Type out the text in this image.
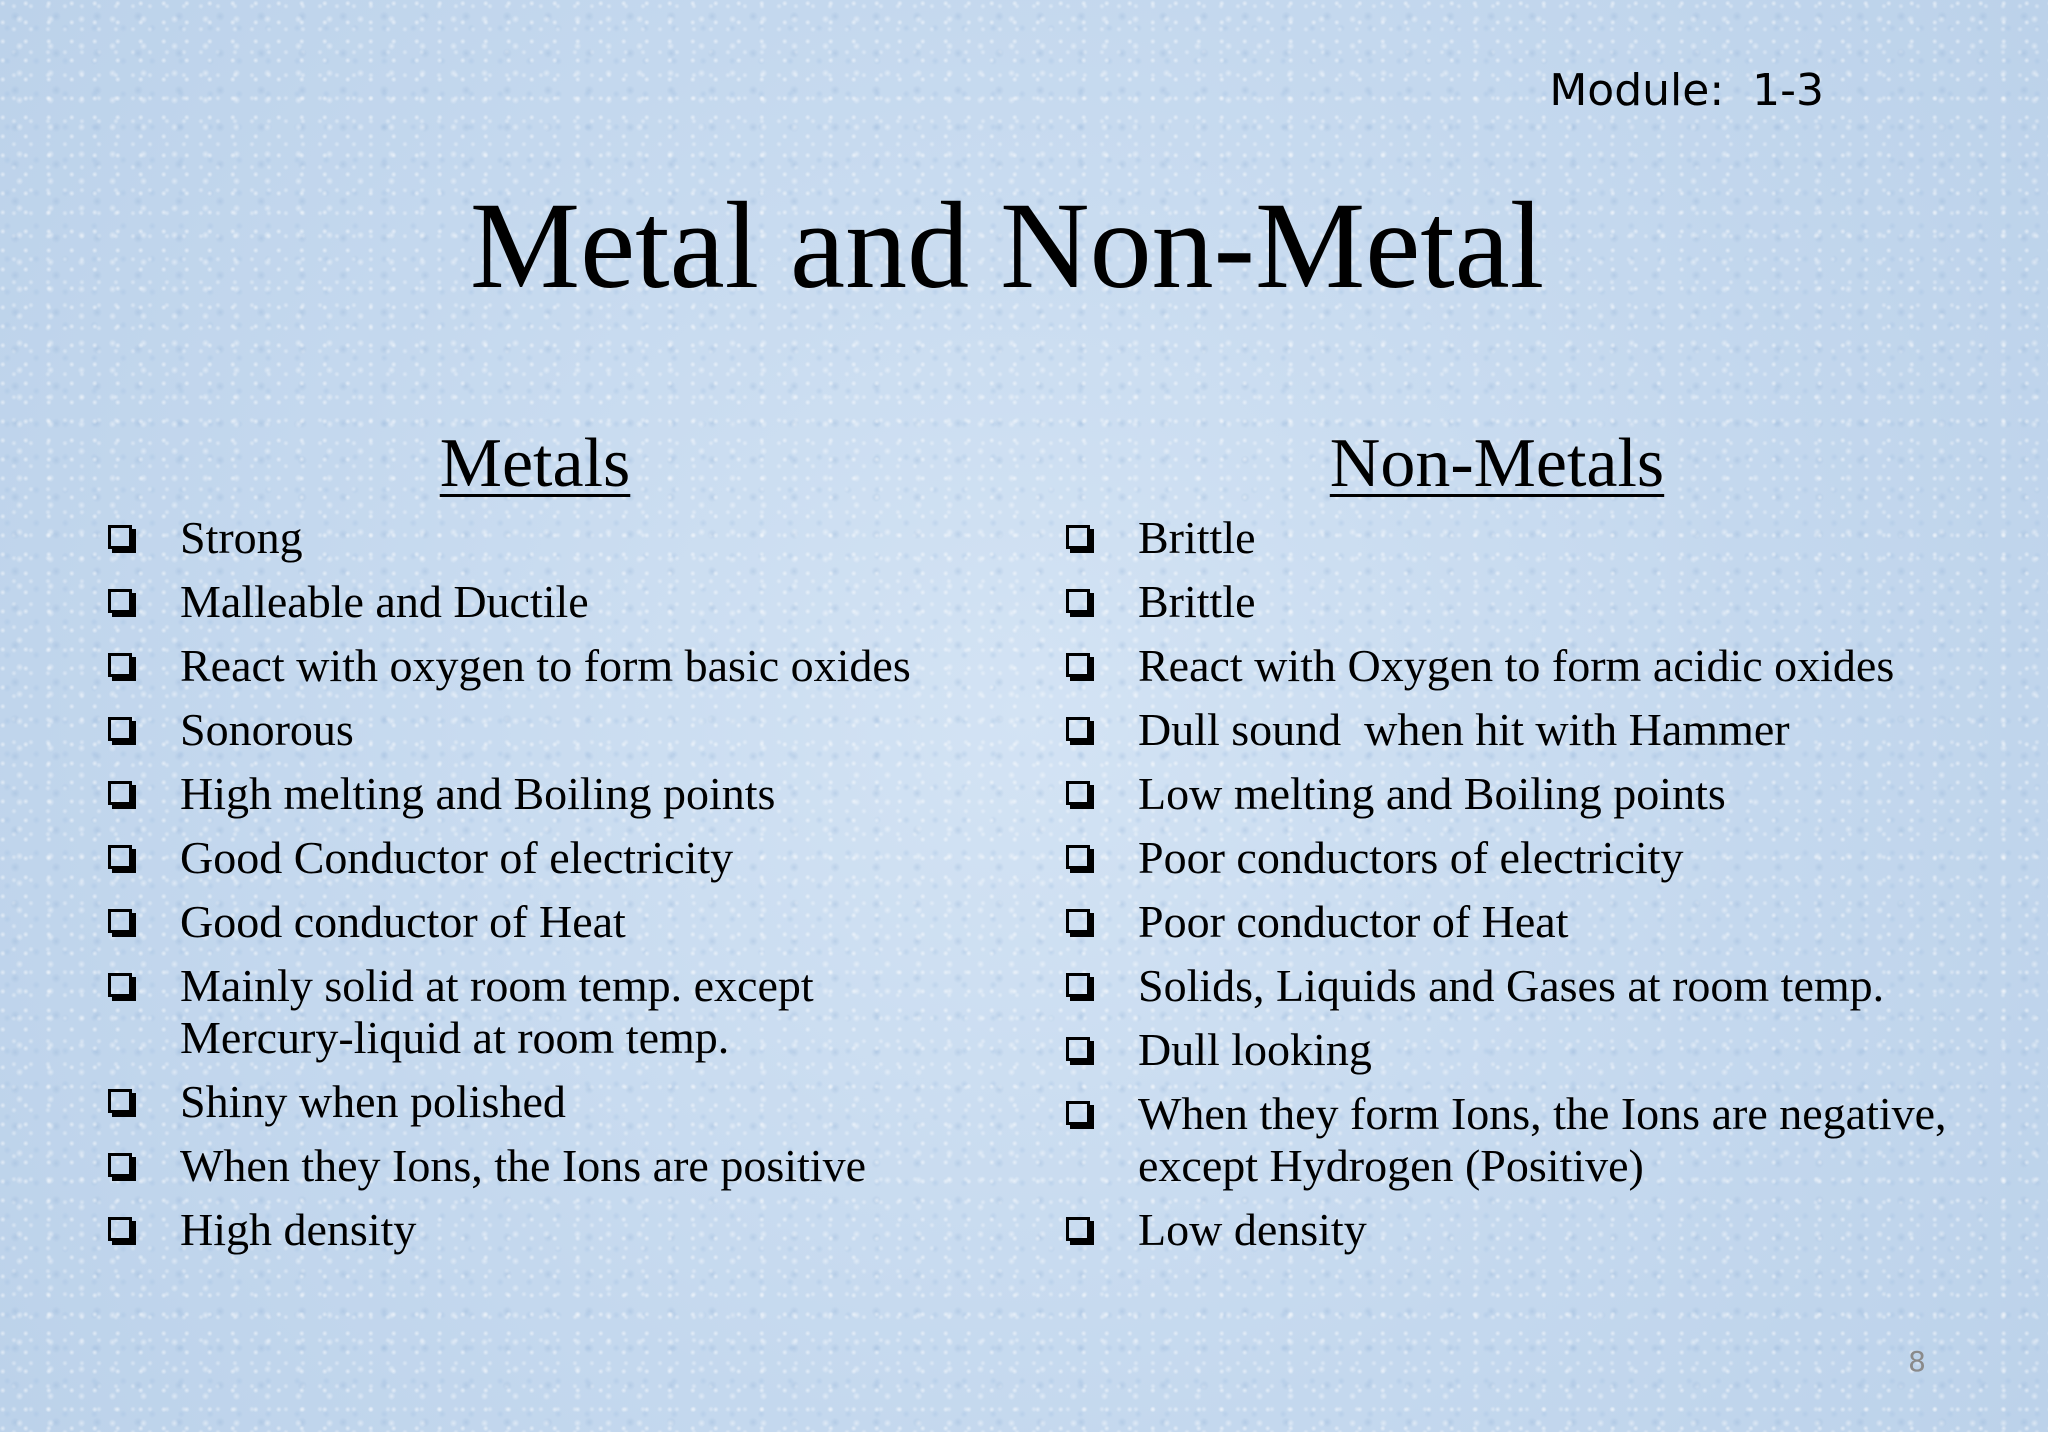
Module:  1-3
Metal and Non-Metal
Metals
Strong
Malleable and Ductile
React with oxygen to form basic oxides
Sonorous
High melting and Boiling points
Good Conductor of electricity
Good conductor of Heat
Mainly solid at room temp. except Mercury-liquid at room temp.
Shiny when polished
When they Ions, the Ions are positive
High density
Non-Metals
Brittle
Brittle
React with Oxygen to form acidic oxides
Dull sound  when hit with Hammer
Low melting and Boiling points
Poor conductors of electricity
Poor conductor of Heat
Solids, Liquids and Gases at room temp.
Dull looking
When they form Ions, the Ions are negative, except Hydrogen (Positive)
Low density
8
